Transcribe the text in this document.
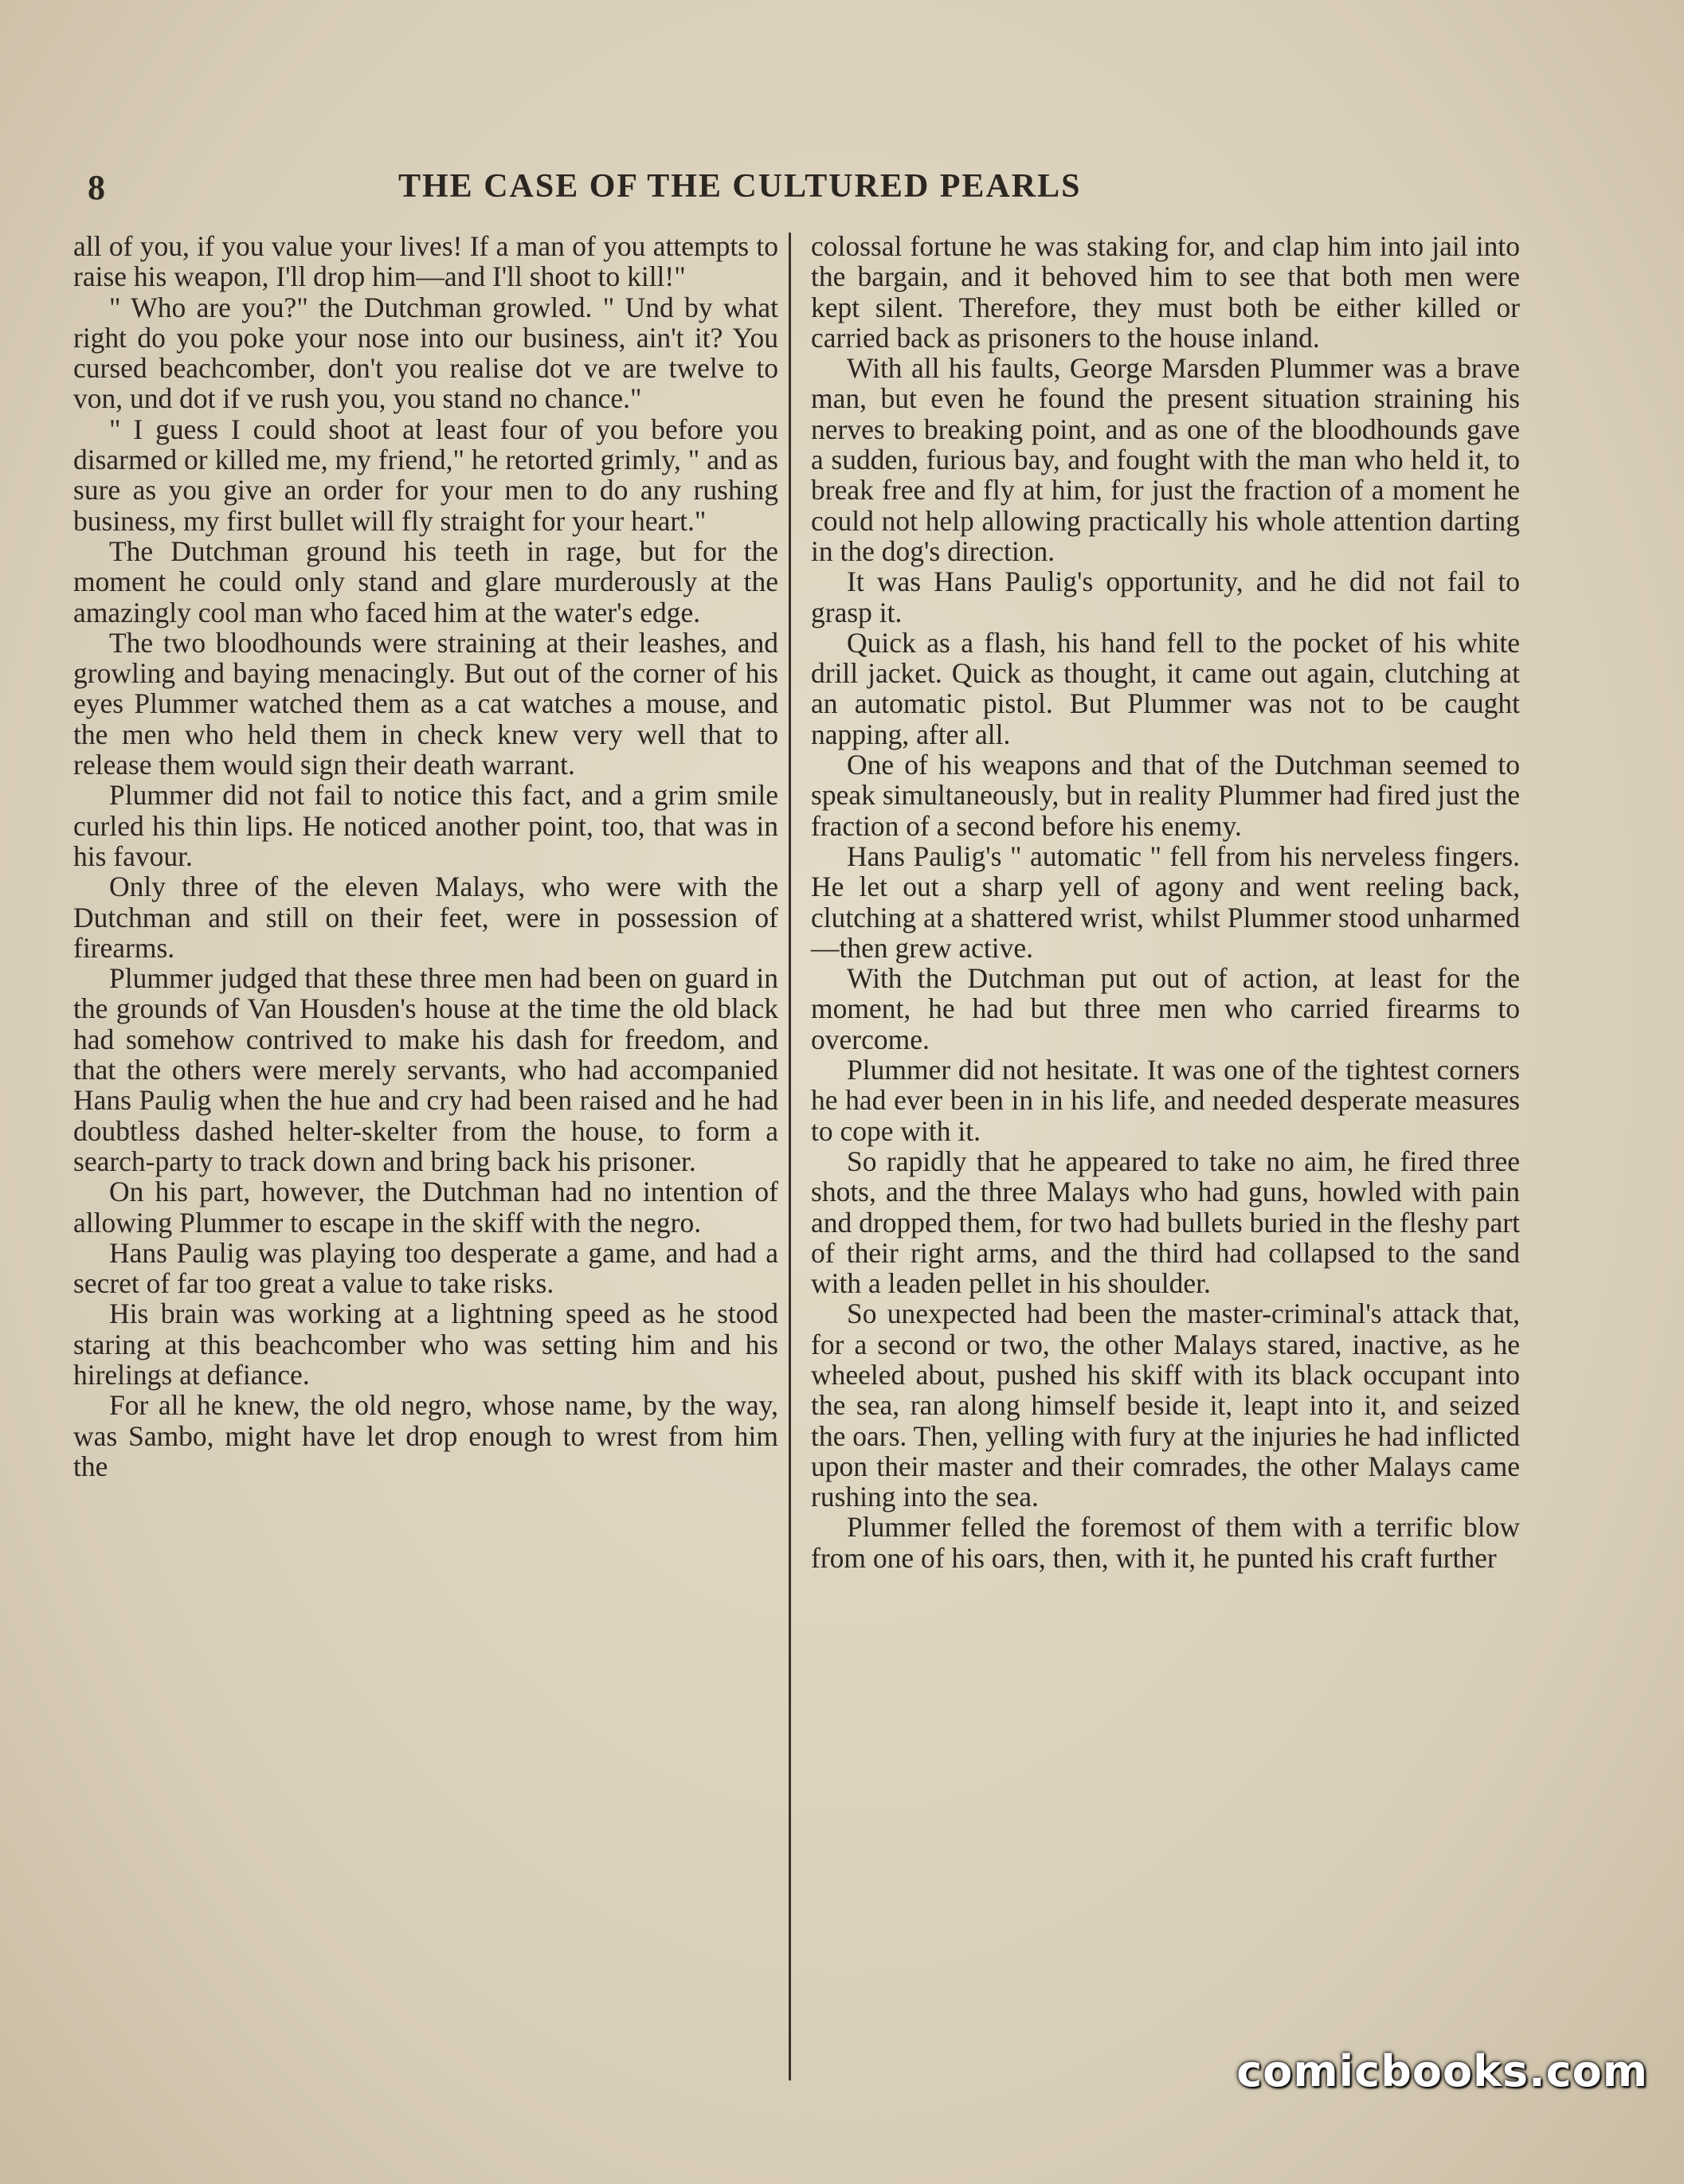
8	THE CASE OF THE CULTURED PEARLS

all of you, if you value your lives! If a man of you attempts to raise his weapon, I'll drop him—and I'll shoot to kill!"

" Who are you?" the Dutchman growled. " Und by what right do you poke your nose into our business, ain't it? You cursed beachcomber, don't you realise dot ve are twelve to von, und dot if ve rush you, you stand no chance."

" I guess I could shoot at least four of you before you disarmed or killed me, my friend," he retorted grimly, " and as sure as you give an order for your men to do any rushing business, my first bullet will fly straight for your heart."

The Dutchman ground his teeth in rage, but for the moment he could only stand and glare murderously at the amazingly cool man who faced him at the water's edge.

The two bloodhounds were straining at their leashes, and growling and baying menacingly. But out of the corner of his eyes Plummer watched them as a cat watches a mouse, and the men who held them in check knew very well that to release them would sign their death warrant.

Plummer did not fail to notice this fact, and a grim smile curled his thin lips. He noticed another point, too, that was in his favour.

Only three of the eleven Malays, who were with the Dutchman and still on their feet, were in possession of firearms.

Plummer judged that these three men had been on guard in the grounds of Van Housden's house at the time the old black had somehow contrived to make his dash for freedom, and that the others were merely servants, who had accompanied Hans Paulig when the hue and cry had been raised and he had doubtless dashed helter-skelter from the house, to form a search-party to track down and bring back his prisoner.

On his part, however, the Dutchman had no intention of allowing Plummer to escape in the skiff with the negro.

Hans Paulig was playing too desperate a game, and had a secret of far too great a value to take risks.

His brain was working at a lightning speed as he stood staring at this beachcomber who was setting him and his hirelings at defiance.

For all he knew, the old negro, whose name, by the way, was Sambo, might have let drop enough to wrest from him the

colossal fortune he was staking for, and clap him into jail into the bargain, and it behoved him to see that both men were kept silent. Therefore, they must both be either killed or carried back as prisoners to the house inland.

With all his faults, George Marsden Plummer was a brave man, but even he found the present situation straining his nerves to breaking point, and as one of the bloodhounds gave a sudden, furious bay, and fought with the man who held it, to break free and fly at him, for just the fraction of a moment he could not help allowing practically his whole attention darting in the dog's direction.

It was Hans Paulig's opportunity, and he did not fail to grasp it.

Quick as a flash, his hand fell to the pocket of his white drill jacket. Quick as thought, it came out again, clutching at an automatic pistol. But Plummer was not to be caught napping, after all.

One of his weapons and that of the Dutchman seemed to speak simultaneously, but in reality Plummer had fired just the fraction of a second before his enemy.

Hans Paulig's " automatic " fell from his nerveless fingers. He let out a sharp yell of agony and went reeling back, clutching at a shattered wrist, whilst Plummer stood unharmed—then grew active.

With the Dutchman put out of action, at least for the moment, he had but three men who carried firearms to overcome.

Plummer did not hesitate. It was one of the tightest corners he had ever been in in his life, and needed desperate measures to cope with it.

So rapidly that he appeared to take no aim, he fired three shots, and the three Malays who had guns, howled with pain and dropped them, for two had bullets buried in the fleshy part of their right arms, and the third had collapsed to the sand with a leaden pellet in his shoulder.

So unexpected had been the master-criminal's attack that, for a second or two, the other Malays stared, inactive, as he wheeled about, pushed his skiff with its black occupant into the sea, ran along himself beside it, leapt into it, and seized the oars. Then, yelling with fury at the injuries he had inflicted upon their master and their comrades, the other Malays came rushing into the sea.

Plummer felled the foremost of them with a terrific blow from one of his oars, then, with it, he punted his craft further

comicbooks.com
